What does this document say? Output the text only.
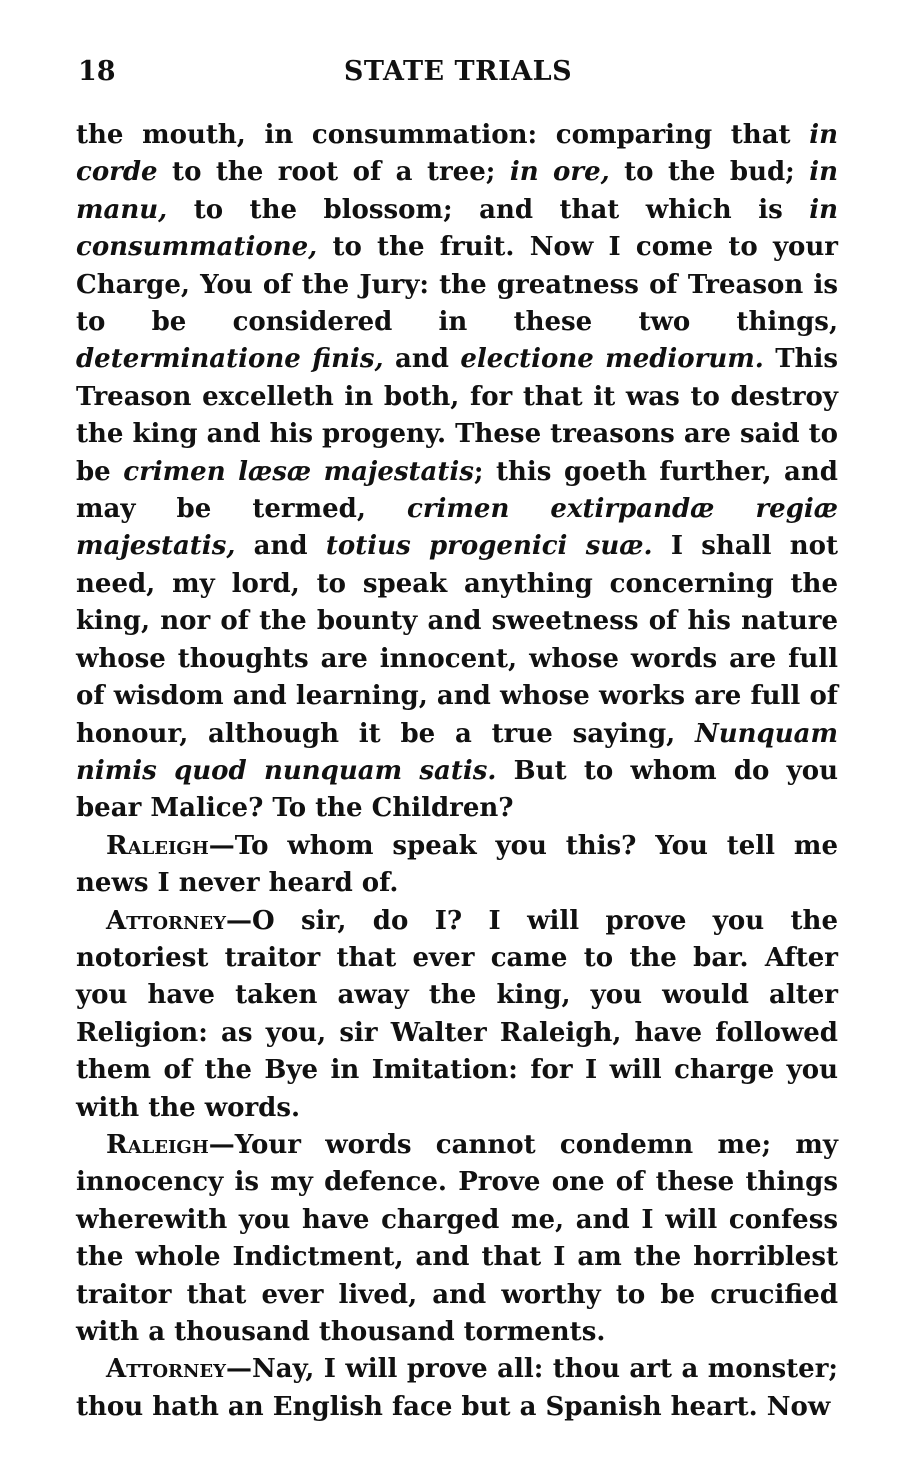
18	STATE TRIALS

the mouth, in consummation: comparing that in corde to the root of a tree; in ore, to the bud; in manu, to the blossom; and that which is in consummatione, to the fruit. Now I come to your Charge, You of the Jury: the greatness of Treason is to be considered in these two things, determinatione finis, and electione mediorum. This Treason excelleth in both, for that it was to destroy the king and his progeny. These treasons are said to be crimen læsæ majestatis; this goeth further, and may be termed, crimen extirpandæ regiæ majestatis, and totius progenici suæ. I shall not need, my lord, to speak anything concerning the king, nor of the bounty and sweetness of his nature whose thoughts are innocent, whose words are full of wisdom and learning, and whose works are full of honour, although it be a true saying, Nunquam nimis quod nunquam satis. But to whom do you bear Malice? To the Children?

Raleigh—To whom speak you this? You tell me news I never heard of.

Attorney—O sir, do I? I will prove you the notoriest traitor that ever came to the bar. After you have taken away the king, you would alter Religion: as you, sir Walter Raleigh, have followed them of the Bye in Imitation: for I will charge you with the words.

Raleigh—Your words cannot condemn me; my innocency is my defence. Prove one of these things wherewith you have charged me, and I will confess the whole Indictment, and that I am the horriblest traitor that ever lived, and worthy to be crucified with a thousand thousand torments.

Attorney—Nay, I will prove all: thou art a monster; thou hath an English face but a Spanish heart. Now
